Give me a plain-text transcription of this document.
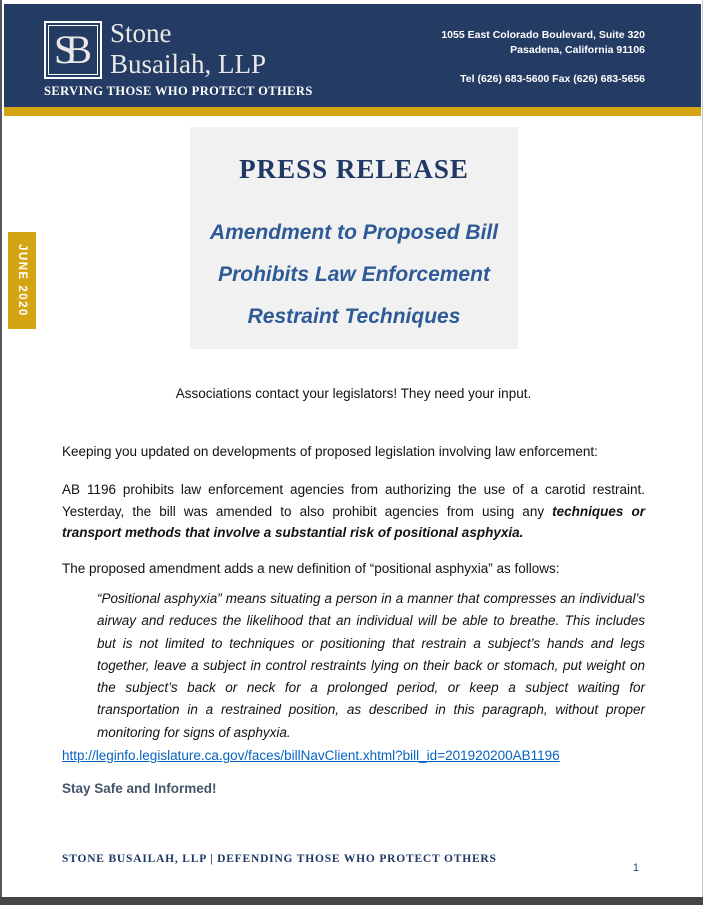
SB	Stone
Busailah, LLP
SERVING THOSE WHO PROTECT OTHERS
1055 East Colorado Boulevard, Suite 320
Pasadena, California 91106
Tel (626) 683-5600 Fax (626) 683-5656
JUNE 2020
PRESS RELEASE
Amendment to Proposed Bill
Prohibits Law Enforcement
Restraint Techniques
Associations contact your legislators! They need your input.
Keeping you updated on developments of proposed legislation involving law enforcement:
AB 1196 prohibits law enforcement agencies from authorizing the use of a carotid restraint. Yesterday, the bill was amended to also prohibit agencies from using any techniques or transport methods that involve a substantial risk of positional asphyxia.
The proposed amendment adds a new definition of “positional asphyxia” as follows:
“Positional asphyxia” means situating a person in a manner that compresses an individual’s airway and reduces the likelihood that an individual will be able to breathe. This includes but is not limited to techniques or positioning that restrain a subject’s hands and legs together, leave a subject in control restraints lying on their back or stomach, put weight on the subject’s back or neck for a prolonged period, or keep a subject waiting for transportation in a restrained position, as described in this paragraph, without proper monitoring for signs of asphyxia.
http://leginfo.legislature.ca.gov/faces/billNavClient.xhtml?bill_id=201920200AB1196
Stay Safe and Informed!
STONE BUSAILAH, LLP | DEFENDING THOSE WHO PROTECT OTHERS
1
